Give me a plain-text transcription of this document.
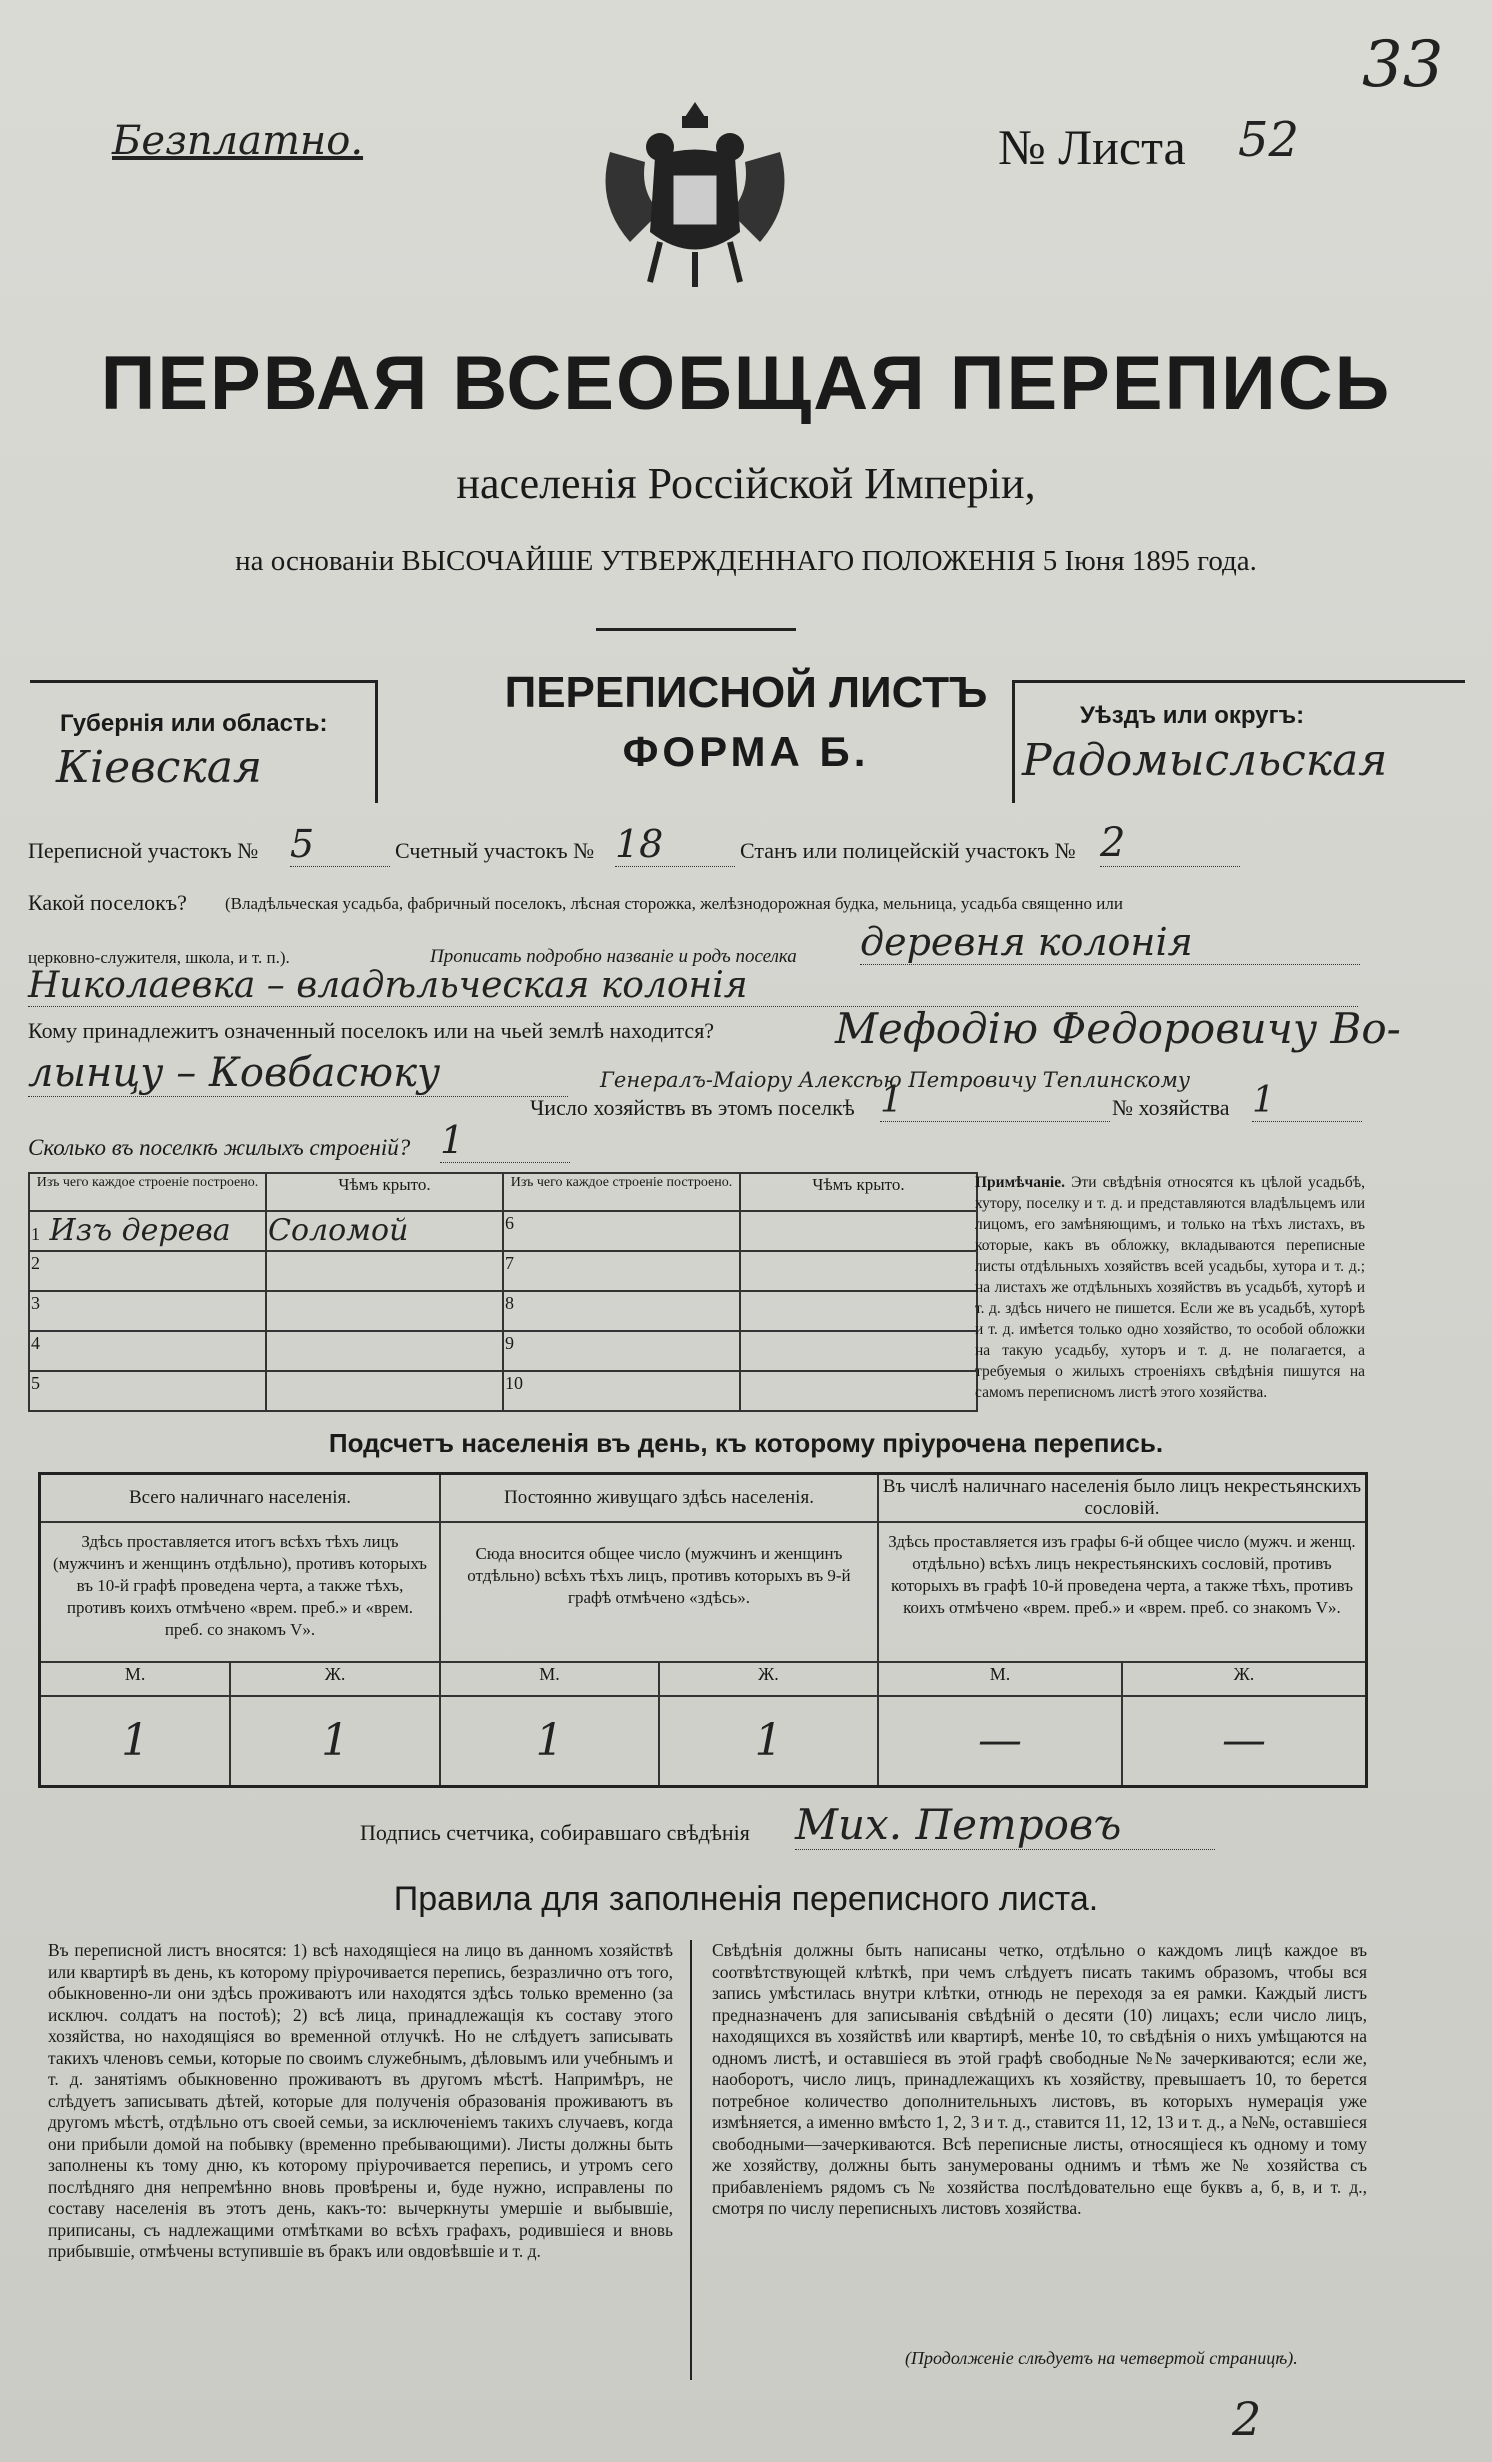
Безплатно.	№ Листа 52
33
ПЕРВАЯ ВСЕОБЩАЯ ПЕРЕПИСЬ
населенія Россійской Имперіи,
на основаніи ВЫСОЧАЙШЕ УТВЕРЖДЕННАГО ПОЛОЖЕНІЯ 5 Іюня 1895 года.
Губернія или область:
Кіевская
ПЕРЕПИСНОЙ ЛИСТЪ
ФОРМА Б.
Уѣздъ или округъ:
Радомысльская
Переписной участокъ № 5	Счетный участокъ № 18	Станъ или полицейскій участокъ № 2
Какой поселокъ? (Владѣльческая усадьба, фабричный поселокъ, лѣсная сторожка, желѣзнодорожная будка, мельница, усадьба священно или
церковно-служителя, школа, и т. п.).	Прописать подробно названіе и родъ поселка деревня колонія
Николаевка – владѣльческая колонія
Кому принадлежитъ означенный поселокъ или на чьей землѣ находится?	Мефодію Федоровичу Во-
лынцу – Ковбасюку	Генералъ-Маіору Алексѣю Петровичу Теплинскому
Число хозяйствъ въ этомъ поселкѣ 1	№ хозяйства 1
Сколько въ поселкѣ жилыхъ строеній? 1
Изъ чего каждое строеніе построено.	Чѣмъ крыто.	Изъ чего каждое строеніе построено.	Чѣмъ крыто.
1 Изъ дерева	Соломой	6	
2		7	
3		8	
4		9	
5		10	
Примѣчаніе. Эти свѣдѣнія относятся къ цѣлой усадьбѣ, хутору, поселку и т. д. и представляются владѣльцемъ или лицомъ, его замѣняющимъ, и только на тѣхъ листахъ, въ которые, какъ въ обложку, вкладываются переписные листы отдѣльныхъ хозяйствъ всей усадьбы, хутора и т. д.; на листахъ же отдѣльныхъ хозяйствъ въ усадьбѣ, хуторѣ и т. д. здѣсь ничего не пишется. Если же въ усадьбѣ, хуторѣ и т. д. имѣется только одно хозяйство, то особой обложки на такую усадьбу, хуторъ и т. д. не полагается, а требуемыя о жилыхъ строеніяхъ свѣдѣнія пишутся на самомъ переписномъ листѣ этого хозяйства.
Подсчетъ населенія въ день, къ которому пріурочена перепись.
Всего наличнаго населенія.		Постоянно живущаго здѣсь населенія.		Въ числѣ наличнаго населенія было лицъ некрестьянскихъ сословій.	
Здѣсь проставляется итогъ всѣхъ тѣхъ лицъ (мужчинъ и женщинъ отдѣльно), противъ которыхъ въ 10-й графѣ проведена черта, а также тѣхъ, противъ коихъ отмѣчено «врем. преб.» и «врем. преб. со знакомъ V».		Сюда вносится общее число (мужчинъ и женщинъ отдѣльно) всѣхъ тѣхъ лицъ, противъ которыхъ въ 9-й графѣ отмѣчено «здѣсь».		Здѣсь проставляется изъ графы 6-й общее число (мужч. и женщ. отдѣльно) всѣхъ лицъ некрестьянскихъ сословій, противъ которыхъ въ графѣ 10-й проведена черта, а также тѣхъ, противъ коихъ отмѣчено «врем. преб.» и «врем. преб. со знакомъ V».	
М.	Ж.	М.	Ж.	М.	Ж.
1	1	1	1	—	—
Подпись счетчика, собиравшаго свѣдѣнія Мих. Петровъ
Правила для заполненія переписного листа.
Въ переписной листъ вносятся: 1) всѣ находящіеся на лицо въ данномъ хозяйствѣ или квартирѣ въ день, къ которому пріурочивается перепись, безразлично отъ того, обыкновенно-ли они здѣсь проживаютъ или находятся здѣсь только временно (за исключ. солдатъ на постоѣ); 2) всѣ лица, принадлежащія къ составу этого хозяйства, но находящіяся во временной отлучкѣ. Но не слѣдуетъ записывать такихъ членовъ семьи, которые по своимъ служебнымъ, дѣловымъ или учебнымъ и т. д. занятіямъ обыкновенно проживаютъ въ другомъ мѣстѣ. Напримѣръ, не слѣдуетъ записывать дѣтей, которые для полученія образованія проживаютъ въ другомъ мѣстѣ, отдѣльно отъ своей семьи, за исключеніемъ такихъ случаевъ, когда они прибыли домой на побывку (временно пребывающими). Листы должны быть заполнены къ тому дню, къ которому пріурочивается перепись, и утромъ сего послѣдняго дня непремѣнно вновь провѣрены и, буде нужно, исправлены по составу населенія въ этотъ день, какъ-то: вычеркнуты умершіе и выбывшіе, приписаны, съ надлежащими отмѣтками во всѣхъ графахъ, родившіеся и вновь прибывшіе, отмѣчены вступившіе въ бракъ или овдовѣвшіе и т. д.
Свѣдѣнія должны быть написаны четко, отдѣльно о каждомъ лицѣ каждое въ соотвѣтствующей клѣткѣ, при чемъ слѣдуетъ писать такимъ образомъ, чтобы вся запись умѣстилась внутри клѣтки, отнюдь не переходя за ея рамки. Каждый листъ предназначенъ для записыванія свѣдѣній о десяти (10) лицахъ; если число лицъ, находящихся въ хозяйствѣ или квартирѣ, менѣе 10, то свѣдѣнія о нихъ умѣщаются на одномъ листѣ, и оставшіеся въ этой графѣ свободные №№ зачеркиваются; если же, наоборотъ, число лицъ, принадлежащихъ къ хозяйству, превышаетъ 10, то берется потребное количество дополнительныхъ листовъ, въ которыхъ нумерація уже измѣняется, а именно вмѣсто 1, 2, 3 и т. д., ставится 11, 12, 13 и т. д., а №№, оставшіеся свободными—зачеркиваются. Всѣ переписные листы, относящіеся къ одному и тому же хозяйству, должны быть занумерованы однимъ и тѣмъ же № хозяйства съ прибавленіемъ рядомъ съ № хозяйства послѣдовательно еще буквъ а, б, в, и т. д., смотря по числу переписныхъ листовъ хозяйства.
(Продолженіе слѣдуетъ на четвертой страницѣ).
2
